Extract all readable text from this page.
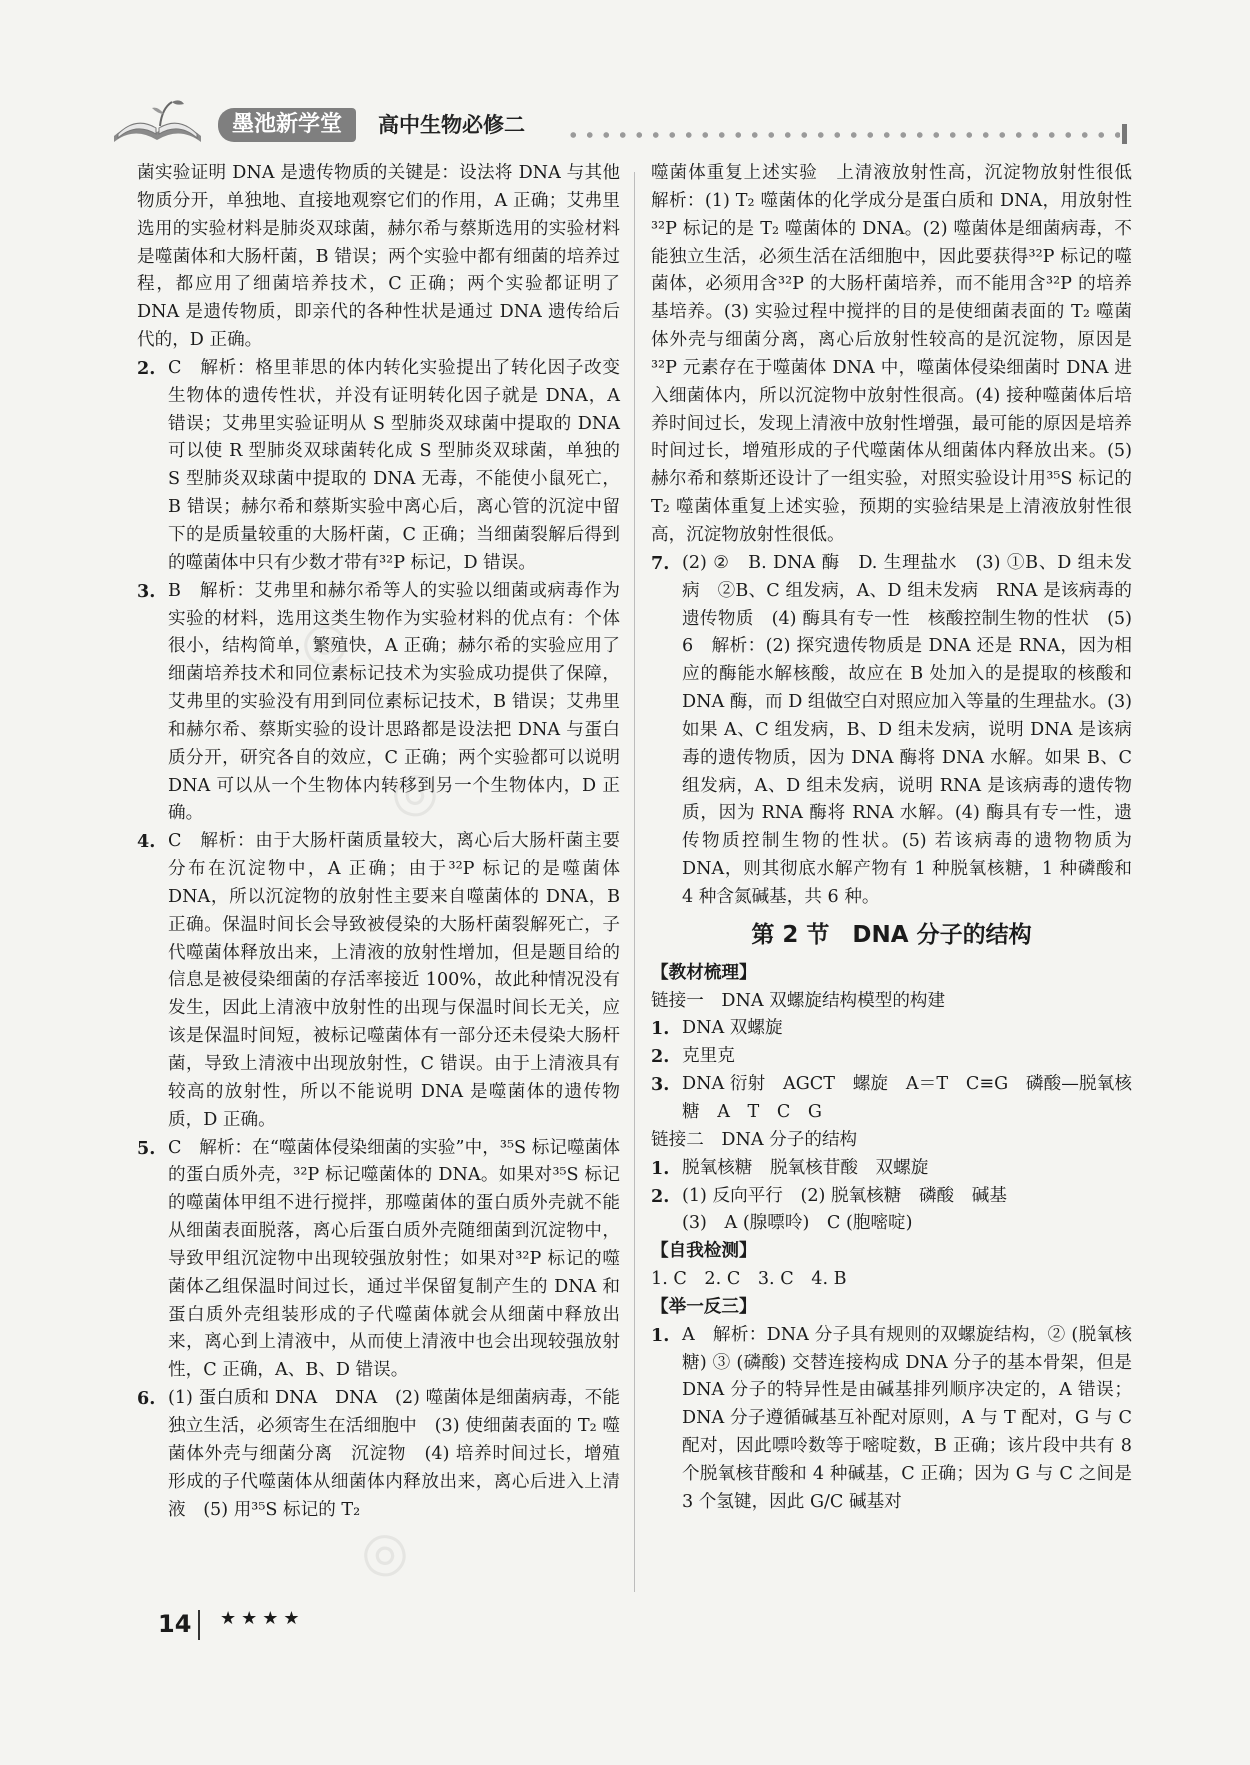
墨池新学堂	高中生物必修二
菌实验证明 DNA 是遗传物质的关键是：设法将 DNA 与其他物质分开，单独地、直接地观察它们的作用，A 正确；艾弗里选用的实验材料是肺炎双球菌，赫尔希与蔡斯选用的实验材料是噬菌体和大肠杆菌，B 错误；两个实验中都有细菌的培养过程，都应用了细菌培养技术，C 正确；两个实验都证明了 DNA 是遗传物质，即亲代的各种性状是通过 DNA 遗传给后代的，D 正确。
2. C　解析：格里菲思的体内转化实验提出了转化因子改变生物体的遗传性状，并没有证明转化因子就是 DNA，A 错误；艾弗里实验证明从 S 型肺炎双球菌中提取的 DNA 可以使 R 型肺炎双球菌转化成 S 型肺炎双球菌，单独的 S 型肺炎双球菌中提取的 DNA 无毒，不能使小鼠死亡，B 错误；赫尔希和蔡斯实验中离心后，离心管的沉淀中留下的是质量较重的大肠杆菌，C 正确；当细菌裂解后得到的噬菌体中只有少数才带有³²P 标记，D 错误。
3. B　解析：艾弗里和赫尔希等人的实验以细菌或病毒作为实验的材料，选用这类生物作为实验材料的优点有：个体很小，结构简单，繁殖快，A 正确；赫尔希的实验应用了细菌培养技术和同位素标记技术为实验成功提供了保障，艾弗里的实验没有用到同位素标记技术，B 错误；艾弗里和赫尔希、蔡斯实验的设计思路都是设法把 DNA 与蛋白质分开，研究各自的效应，C 正确；两个实验都可以说明 DNA 可以从一个生物体内转移到另一个生物体内，D 正确。
4. C　解析：由于大肠杆菌质量较大，离心后大肠杆菌主要分布在沉淀物中，A 正确；由于³²P 标记的是噬菌体 DNA，所以沉淀物的放射性主要来自噬菌体的 DNA，B 正确。保温时间长会导致被侵染的大肠杆菌裂解死亡，子代噬菌体释放出来，上清液的放射性增加，但是题目给的信息是被侵染细菌的存活率接近 100%，故此种情况没有发生，因此上清液中放射性的出现与保温时间长无关，应该是保温时间短，被标记噬菌体有一部分还未侵染大肠杆菌，导致上清液中出现放射性，C 错误。由于上清液具有较高的放射性，所以不能说明 DNA 是噬菌体的遗传物质，D 正确。
5. C　解析：在“噬菌体侵染细菌的实验”中，³⁵S 标记噬菌体的蛋白质外壳，³²P 标记噬菌体的 DNA。如果对³⁵S 标记的噬菌体甲组不进行搅拌，那噬菌体的蛋白质外壳就不能从细菌表面脱落，离心后蛋白质外壳随细菌到沉淀物中，导致甲组沉淀物中出现较强放射性；如果对³²P 标记的噬菌体乙组保温时间过长，通过半保留复制产生的 DNA 和蛋白质外壳组装形成的子代噬菌体就会从细菌中释放出来，离心到上清液中，从而使上清液中也会出现较强放射性，C 正确，A、B、D 错误。
6. (1) 蛋白质和 DNA　DNA　(2) 噬菌体是细菌病毒，不能独立生活，必须寄生在活细胞中　(3) 使细菌表面的 T₂ 噬菌体外壳与细菌分离　沉淀物　(4) 培养时间过长，增殖形成的子代噬菌体从细菌体内释放出来，离心后进入上清液　(5) 用³⁵S 标记的 T₂
噬菌体重复上述实验　上清液放射性高，沉淀物放射性很低　解析：(1) T₂ 噬菌体的化学成分是蛋白质和 DNA，用放射性³²P 标记的是 T₂ 噬菌体的 DNA。(2) 噬菌体是细菌病毒，不能独立生活，必须生活在活细胞中，因此要获得³²P 标记的噬菌体，必须用含³²P 的大肠杆菌培养，而不能用含³²P 的培养基培养。(3) 实验过程中搅拌的目的是使细菌表面的 T₂ 噬菌体外壳与细菌分离，离心后放射性较高的是沉淀物，原因是³²P 元素存在于噬菌体 DNA 中，噬菌体侵染细菌时 DNA 进入细菌体内，所以沉淀物中放射性很高。(4) 接种噬菌体后培养时间过长，发现上清液中放射性增强，最可能的原因是培养时间过长，增殖形成的子代噬菌体从细菌体内释放出来。(5) 赫尔希和蔡斯还设计了一组实验，对照实验设计用³⁵S 标记的 T₂ 噬菌体重复上述实验，预期的实验结果是上清液放射性很高，沉淀物放射性很低。
7. (2) ②　B. DNA 酶　D. 生理盐水　(3) ①B、D 组未发病　②B、C 组发病，A、D 组未发病　RNA 是该病毒的遗传物质　(4) 酶具有专一性　核酸控制生物的性状　(5) 6　解析：(2) 探究遗传物质是 DNA 还是 RNA，因为相应的酶能水解核酸，故应在 B 处加入的是提取的核酸和 DNA 酶，而 D 组做空白对照应加入等量的生理盐水。(3) 如果 A、C 组发病，B、D 组未发病，说明 DNA 是该病毒的遗传物质，因为 DNA 酶将 DNA 水解。如果 B、C 组发病，A、D 组未发病，说明 RNA 是该病毒的遗传物质，因为 RNA 酶将 RNA 水解。(4) 酶具有专一性，遗传物质控制生物的性状。(5) 若该病毒的遗物物质为 DNA，则其彻底水解产物有 1 种脱氧核糖，1 种磷酸和 4 种含氮碱基，共 6 种。
第 2 节　DNA 分子的结构
【教材梳理】
链接一　DNA 双螺旋结构模型的构建
1. DNA 双螺旋
2. 克里克
3. DNA 衍射　AGCT　螺旋　A＝T　C≡G　磷酸—脱氧核糖　A　T　C　G
链接二　DNA 分子的结构
1. 脱氧核糖　脱氧核苷酸　双螺旋
2. (1) 反向平行　(2) 脱氧核糖　磷酸　碱基
(3)　A (腺嘌呤)　C (胞嘧啶)
【自我检测】
1. C　2. C　3. C　4. B
【举一反三】
1. A　解析：DNA 分子具有规则的双螺旋结构，② (脱氧核糖) ③ (磷酸) 交替连接构成 DNA 分子的基本骨架，但是 DNA 分子的特异性是由碱基排列顺序决定的，A 错误；DNA 分子遵循碱基互补配对原则，A 与 T 配对，G 与 C 配对，因此嘌呤数等于嘧啶数，B 正确；该片段中共有 8 个脱氧核苷酸和 4 种碱基，C 正确；因为 G 与 C 之间是 3 个氢键，因此 G/C 碱基对
◎
◎
◎
14 ★★★★
